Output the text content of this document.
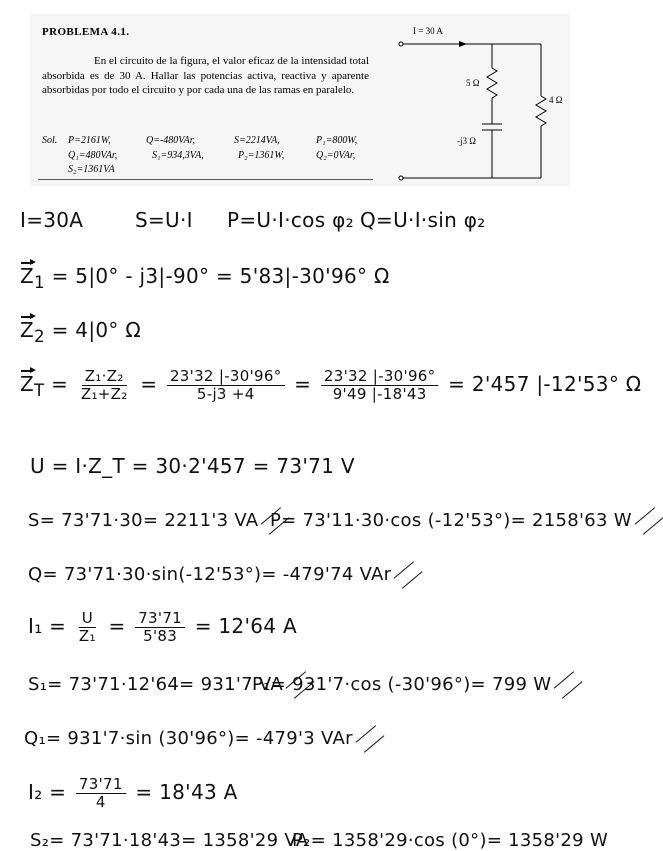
PROBLEMA 4.1.

En el circuito de la figura, el valor eficaz de la intensidad total absorbida es de 30 A. Hallar las potencias activa, reactiva y aparente absorbidas por todo el circuito y por cada una de las ramas en paralelo.

Sol.	P=2161W,	Q=-480VAr,	S=2214VA,	P₁=800W,
Q₁=480VAr,	S₁=934,3VA,	P₂=1361W,	Q₂=0VAr,
S₂=1361VA
I = 30 A
5 Ω
-j3 Ω
4 Ω
I=30A	S=U·I P=U·I·cos φ₂ Q=U·I·sin φ₂
$Z_1 = 5|0^\circ - j3|-90^\circ = 5'83|-30'96^\circ$ Ω
$Z_2 = 4|0^\circ$ Ω
$Z_T = \frac{\text{Z₁·Z₂}}{\text{Z₁+Z₂}} = \frac{23'32 |-30'96^\circ}{5-j3 +4} = \frac{23'32 |-30'96^\circ}{9'49 |-18'43} = 2'457$ |-12'53° Ω
U = I·Z_T = 30·2'457 = 73'71 V
S= 73'71·30= 2211'3 VA P= 73'11·30·cos (-12'53°)= 2158'63 W
Q= 73'71·30·sin(-12'53°)= -479'74 VAr
$I_1 = \frac{U}{\text{Z₁}} = \frac{73'71}{5'83} = 12'64$ A
S₁= 73'71·12'64= 931'7 VA
P₁= 931'7·cos (-30'96°)= 799 W
Q₁= 931'7·sin (30'96°)= -479'3 VAr
$I_2 = \frac{73'71}{4} = 18'43$ A
S₂= 73'71·18'43= 1358'29 VA
P₂= 1358'29·cos (0°)= 1358'29 W
